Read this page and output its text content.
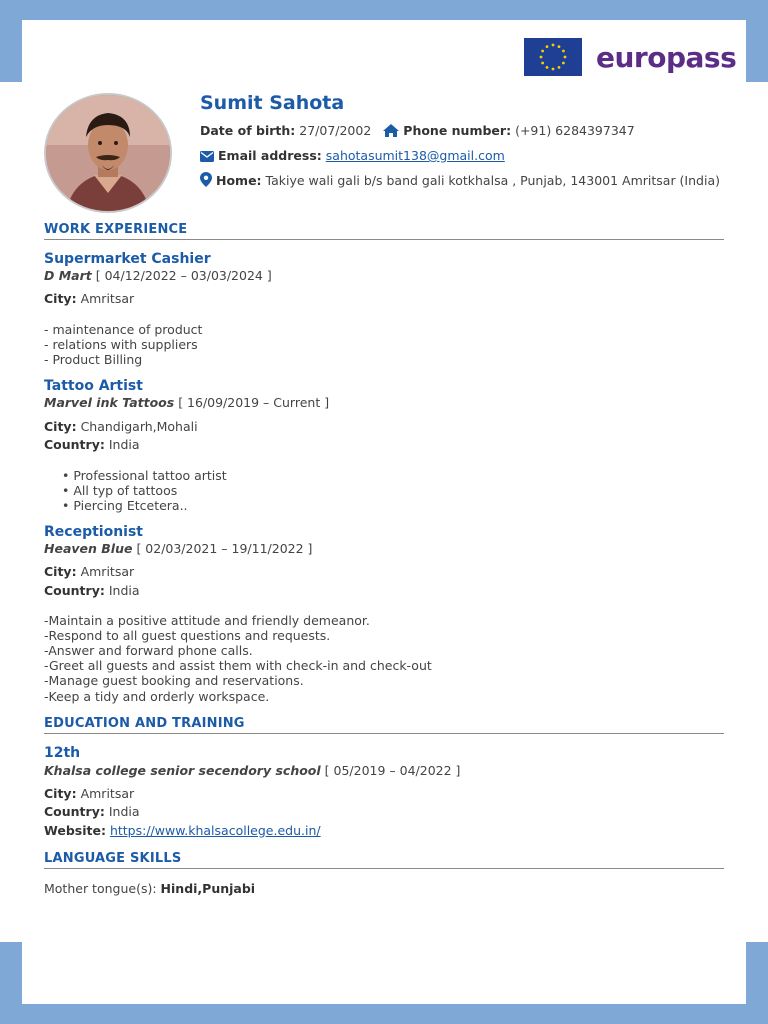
europass
Sumit Sahota
Date of birth: 27/07/2002	Phone number: (+91) 6284397347
Email address: sahotasumit138@gmail.com
Home: Takiye wali gali b/s band gali kotkhalsa , Punjab, 143001 Amritsar (India)
WORK EXPERIENCE
Supermarket Cashier
D Mart [ 04/12/2022 – 03/03/2024 ]
City: Amritsar
- maintenance of product
- relations with suppliers
- Product Billing
Tattoo Artist
Marvel ink Tattoos [ 16/09/2019 – Current ]
City: Chandigarh,Mohali
Country: India
• Professional tattoo artist
• All typ of tattoos
• Piercing Etcetera..
Receptionist
Heaven Blue [ 02/03/2021 – 19/11/2022 ]
City: Amritsar
Country: India
-Maintain a positive attitude and friendly demeanor.
-Respond to all guest questions and requests.
-Answer and forward phone calls.
-Greet all guests and assist them with check-in and check-out
-Manage guest booking and reservations.
-Keep a tidy and orderly workspace.
EDUCATION AND TRAINING
12th
Khalsa college senior secendory school [ 05/2019 – 04/2022 ]
City: Amritsar
Country: India
Website: https://www.khalsacollege.edu.in/
LANGUAGE SKILLS
Mother tongue(s): Hindi,Punjabi
